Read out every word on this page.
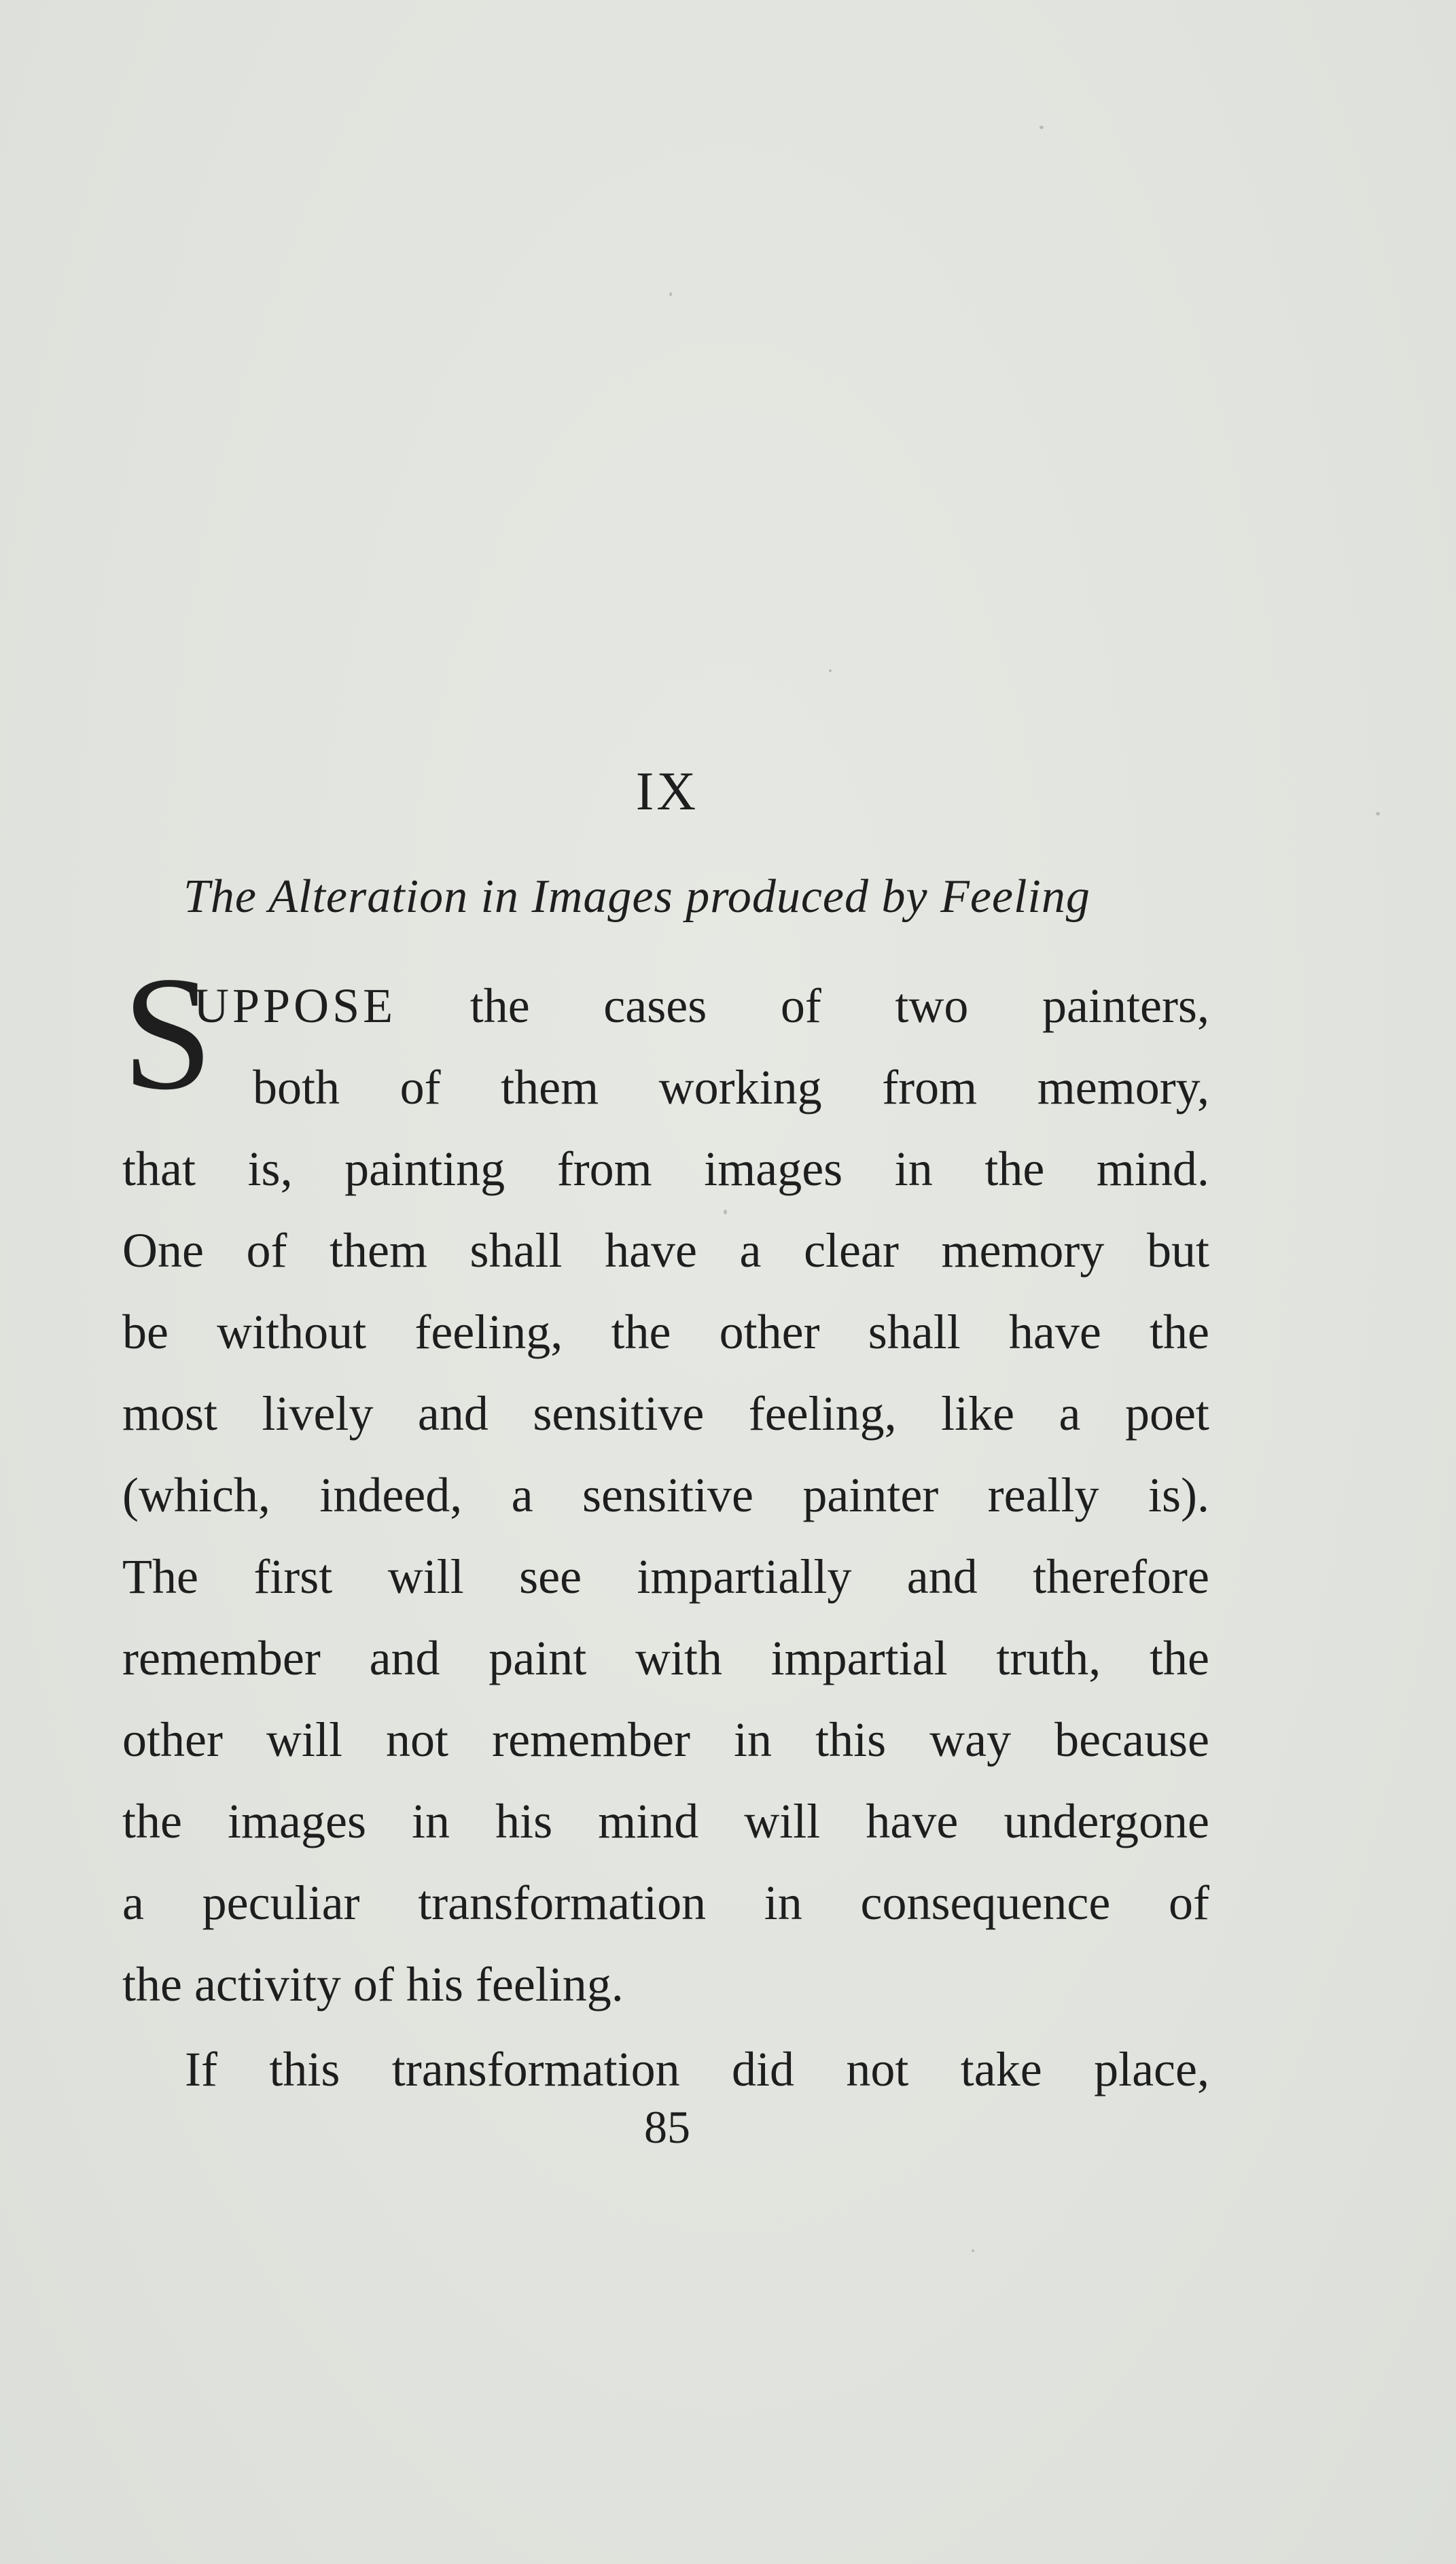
IX
The Alteration in Images produced by Feeling
S
UPPOSE the cases of two painters,
both of them working from memory,
that is, painting from images in the mind.
One of them shall have a clear memory but
be without feeling, the other shall have the
most lively and sensitive feeling, like a poet
(which, indeed, a sensitive painter really is).
The first will see impartially and therefore
remember and paint with impartial truth, the
other will not remember in this way because
the images in his mind will have undergone
a peculiar transformation in consequence of
the activity of his feeling.
If this transformation did not take place,
85
